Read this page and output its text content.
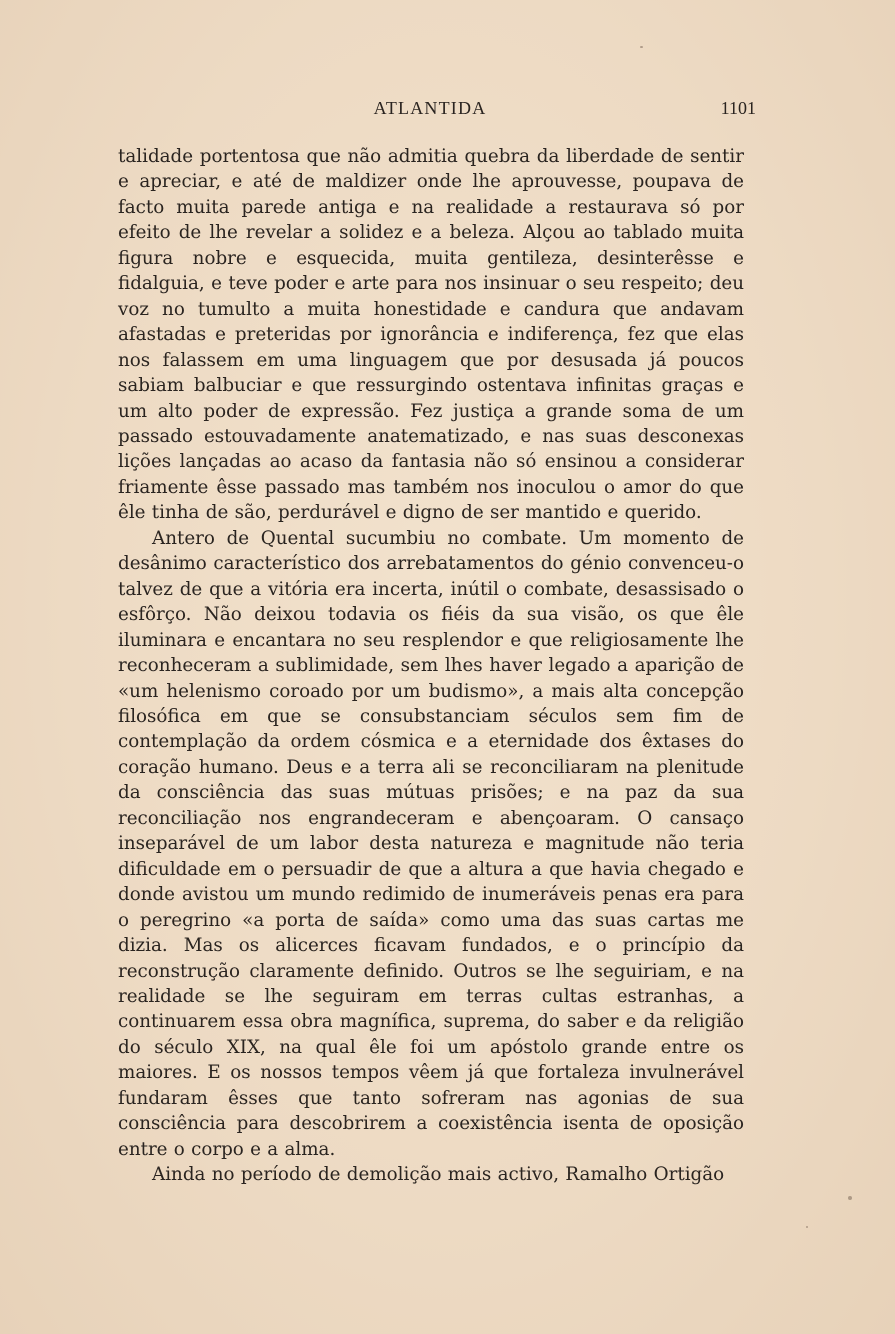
ATLANTIDA	1101

talidade portentosa que não admitia quebra da liberdade de sentir e apreciar, e até de maldizer onde lhe aprouvesse, poupava de facto muita parede antiga e na realidade a restaurava só por efeito de lhe revelar a solidez e a beleza. Alçou ao tablado muita figura nobre e esquecida, muita gentileza, desinterêsse e fidalguia, e teve poder e arte para nos insinuar o seu respeito; deu voz no tumulto a muita honestidade e candura que andavam afastadas e preteridas por ignorância e indiferença, fez que elas nos falassem em uma linguagem que por desusada já poucos sabiam balbuciar e que ressurgindo ostentava infinitas graças e um alto poder de expressão. Fez justiça a grande soma de um passado estouvadamente anatematizado, e nas suas desconexas lições lançadas ao acaso da fantasia não só ensinou a considerar friamente êsse passado mas também nos inoculou o amor do que êle tinha de são, perdurável e digno de ser mantido e querido.

Antero de Quental sucumbiu no combate. Um momento de desânimo característico dos arrebatamentos do génio convenceu-o talvez de que a vitória era incerta, inútil o combate, desassisado o esfôrço. Não deixou todavia os fiéis da sua visão, os que êle iluminara e encantara no seu resplendor e que religiosamente lhe reconheceram a sublimidade, sem lhes haver legado a aparição de «um helenismo coroado por um budismo», a mais alta concepção filosófica em que se consubstanciam séculos sem fim de contemplação da ordem cósmica e a eternidade dos êxtases do coração humano. Deus e a terra ali se reconciliaram na plenitude da consciência das suas mútuas prisões; e na paz da sua reconciliação nos engrandeceram e abençoaram. O cansaço inseparável de um labor desta natureza e magnitude não teria dificuldade em o persuadir de que a altura a que havia chegado e donde avistou um mundo redimido de inumeráveis penas era para o peregrino «a porta de saída» como uma das suas cartas me dizia. Mas os alicerces ficavam fundados, e o princípio da reconstrução claramente definido. Outros se lhe seguiriam, e na realidade se lhe seguiram em terras cultas estranhas, a continuarem essa obra magnífica, suprema, do saber e da religião do século XIX, na qual êle foi um apóstolo grande entre os maiores. E os nossos tempos vêem já que fortaleza invulnerável fundaram êsses que tanto sofreram nas agonias de sua consciência para descobrirem a coexistência isenta de oposição entre o corpo e a alma.

Ainda no período de demolição mais activo, Ramalho Ortigão
